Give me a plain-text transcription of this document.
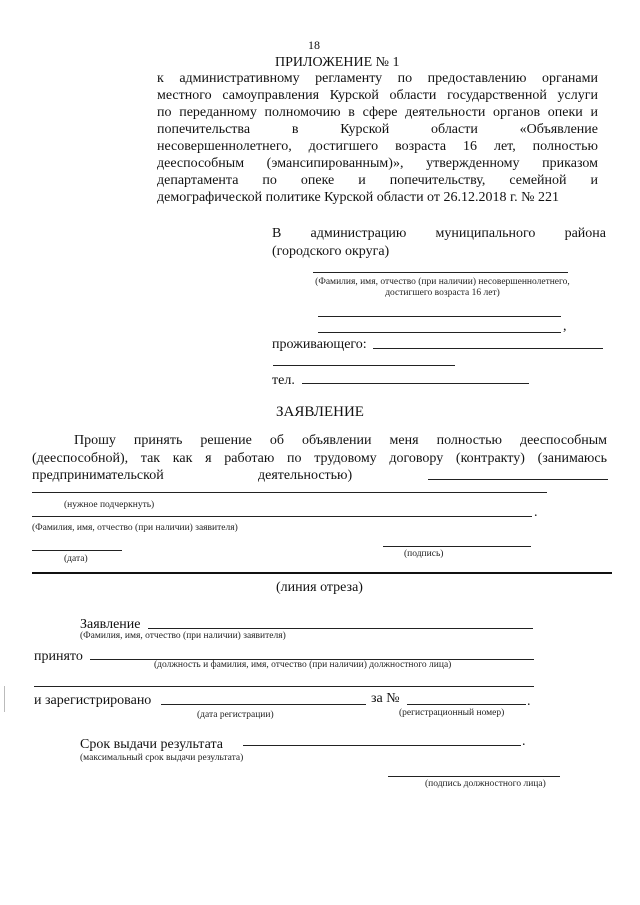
18
ПРИЛОЖЕНИЕ № 1
к административному регламенту по предоставлению органами
местного самоуправления Курской области государственной услуги
по переданному полномочию в сфере деятельности органов опеки и
попечительства в Курской области «Объявление
несовершеннолетнего, достигшего возраста 16 лет, полностью
дееспособным (эмансипированным)», утвержденному приказом
департамента по опеке и попечительству, семейной и
демографической политике Курской области от 26.12.2018 г. № 221
В администрацию муниципального района
(городского округа)
(Фамилия, имя, отчество (при наличии) несовершеннолетнего,
достигшего возраста 16 лет)
,
проживающего:
тел.
ЗАЯВЛЕНИЕ
Прошу принять решение об объявлении меня полностью дееспособным
(дееспособной), так как я работаю по трудовому договору (контракту) (занимаюсь
предпринимательской	деятельностью)
(нужное подчеркнуть)	.
(Фамилия, имя, отчество (при наличии) заявителя)
(дата)	(подпись)
(линия отреза)
Заявление
(Фамилия, имя, отчество (при наличии) заявителя)
принято
(должность и фамилия, имя, отчество (при наличии) должностного лица)
и зарегистрировано	за №	.
(дата регистрации)	(регистрационный номер)
Срок выдачи результата	.
(максимальный срок выдачи результата)
(подпись должностного лица)
